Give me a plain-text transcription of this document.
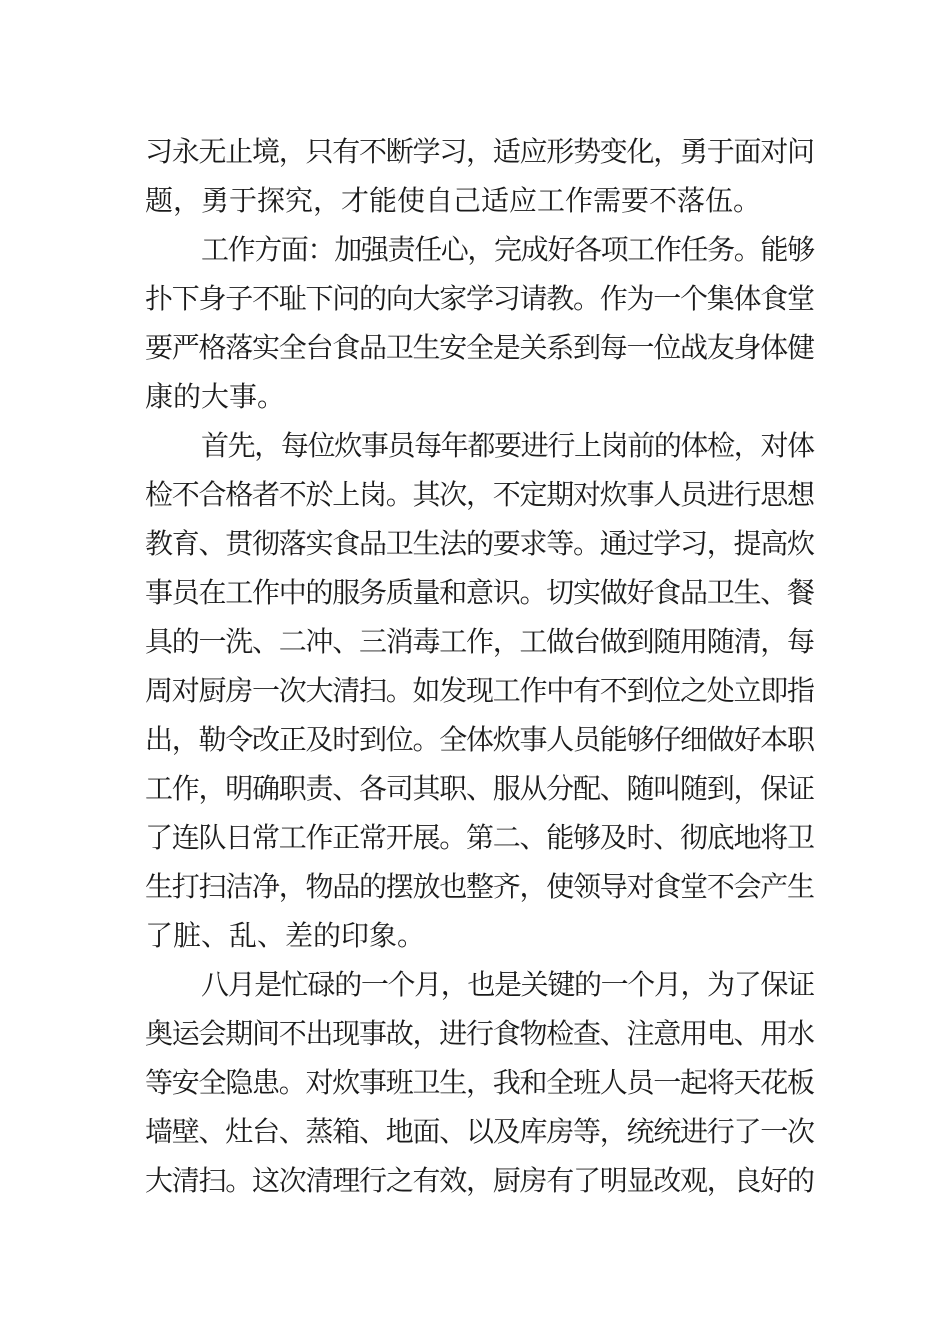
习永无止境，只有不断学习，适应形势变化，勇于面对问
题，勇于探究，才能使自己适应工作需要不落伍。
工作方面：加强责任心，完成好各项工作任务。能够
扑下身子不耻下问的向大家学习请教。作为一个集体食堂
要严格落实全台食品卫生安全是关系到每一位战友身体健
康的大事。
首先，每位炊事员每年都要进行上岗前的体检，对体
检不合格者不於上岗。其次，不定期对炊事人员进行思想
教育、贯彻落实食品卫生法的要求等。通过学习，提高炊
事员在工作中的服务质量和意识。切实做好食品卫生、餐
具的一洗、二冲、三消毒工作，工做台做到随用随清，每
周对厨房一次大清扫。如发现工作中有不到位之处立即指
出，勒令改正及时到位。全体炊事人员能够仔细做好本职
工作，明确职责、各司其职、服从分配、随叫随到，保证
了连队日常工作正常开展。第二、能够及时、彻底地将卫
生打扫洁净，物品的摆放也整齐，使领导对食堂不会产生
了脏、乱、差的印象。
八月是忙碌的一个月，也是关键的一个月，为了保证
奥运会期间不出现事故，进行食物检查、注意用电、用水
等安全隐患。对炊事班卫生，我和全班人员一起将天花板
墙壁、灶台、蒸箱、地面、以及库房等，统统进行了一次
大清扫。这次清理行之有效，厨房有了明显改观，良好的
